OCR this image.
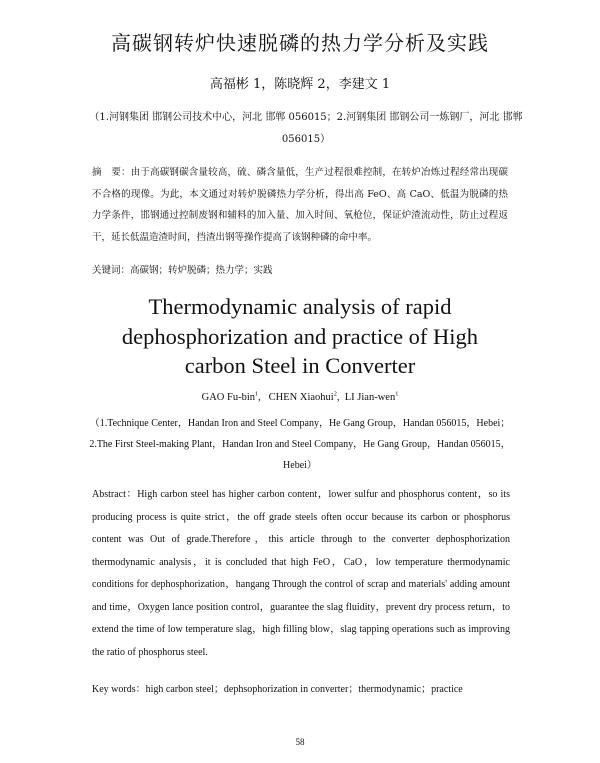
高碳钢转炉快速脱磷的热力学分析及实践
高福彬 1，陈晓辉 2，李建文 1
（1.河钢集团 邯钢公司技术中心，河北 邯郸 056015；2.河钢集团 邯钢公司一炼钢厂，河北 邯郸 056015）
摘　要：由于高碳钢碳含量较高，硫、磷含量低，生产过程很难控制，在转炉冶炼过程经常出现碳不合格的现像。为此，本文通过对转炉脱磷热力学分析，得出高 FeO、高 CaO、低温为脱磷的热力学条件，邯钢通过控制废钢和辅料的加入量、加入时间、氧枪位，保证炉渣流动性，防止过程返干，延长低温造渣时间，挡渣出钢等操作提高了该钢种磷的命中率。
关键词：高碳钢；转炉脱磷；热力学；实践
Thermodynamic analysis of rapid
dephosphorization and practice of High
carbon Steel in Converter
GAO Fu-bin$^1$,   CHEN Xiaohui$^2$,  LI Jian-wen$^1$
（1.Technique Center，Handan Iron and Steel Company，He Gang Group，Handan 056015，Hebei；2.The First Steel-making Plant，Handan Iron and Steel Company，He Gang Group，Handan 056015，Hebei）
Abstract：High carbon steel has higher carbon content，lower sulfur and phosphorus content，so its producing process is quite strict，the off grade steels often occur because its carbon or phosphorus content was Out of grade.Therefore，this article through to the converter dephosphorization thermodynamic analysis，it is concluded that high FeO，CaO，low temperature thermodynamic conditions for dephosphorization，hangang Through the control of scrap and materials' adding amount and time，Oxygen lance position control，guarantee the slag fluidity，prevent dry process return，to extend the time of low temperature slag，high filling blow，slag tapping operations such as improving the ratio of phosphorus steel.
Key words：high carbon steel；dephsophorization in converter；thermodynamic；practice
58
